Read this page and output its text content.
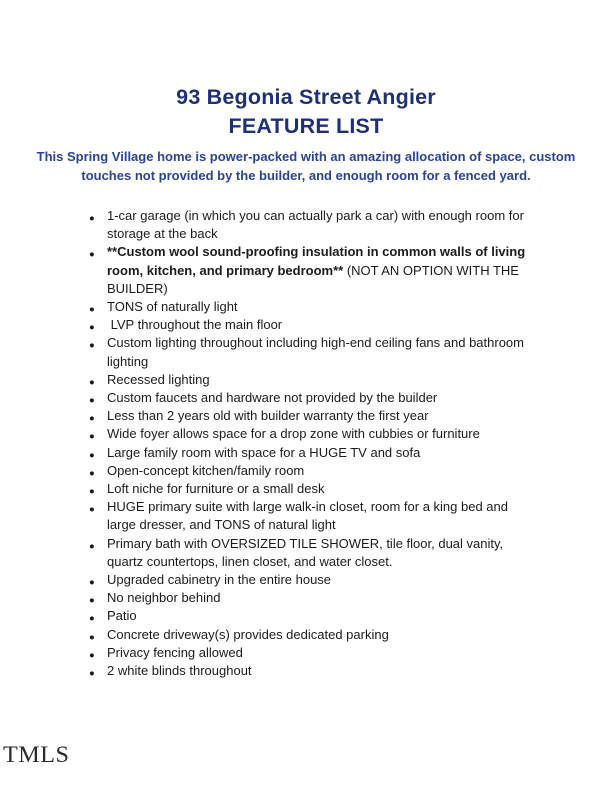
93 Begonia Street Angier

FEATURE LIST

This Spring Village home is power-packed with an amazing allocation of space, custom touches not provided by the builder, and enough room for a fenced yard.

● 1-car garage (in which you can actually park a car) with enough room for storage at the back
● **Custom wool sound-proofing insulation in common walls of living room, kitchen, and primary bedroom** (NOT AN OPTION WITH THE BUILDER)
● TONS of naturally light
● LVP throughout the main floor
● Custom lighting throughout including high-end ceiling fans and bathroom lighting
● Recessed lighting
● Custom faucets and hardware not provided by the builder
● Less than 2 years old with builder warranty the first year
● Wide foyer allows space for a drop zone with cubbies or furniture
● Large family room with space for a HUGE TV and sofa
● Open-concept kitchen/family room
● Loft niche for furniture or a small desk
● HUGE primary suite with large walk-in closet, room for a king bed and large dresser, and TONS of natural light
● Primary bath with OVERSIZED TILE SHOWER, tile floor, dual vanity, quartz countertops, linen closet, and water closet.
● Upgraded cabinetry in the entire house
● No neighbor behind
● Patio
● Concrete driveway(s) provides dedicated parking
● Privacy fencing allowed
● 2 white blinds throughout
TMLS
